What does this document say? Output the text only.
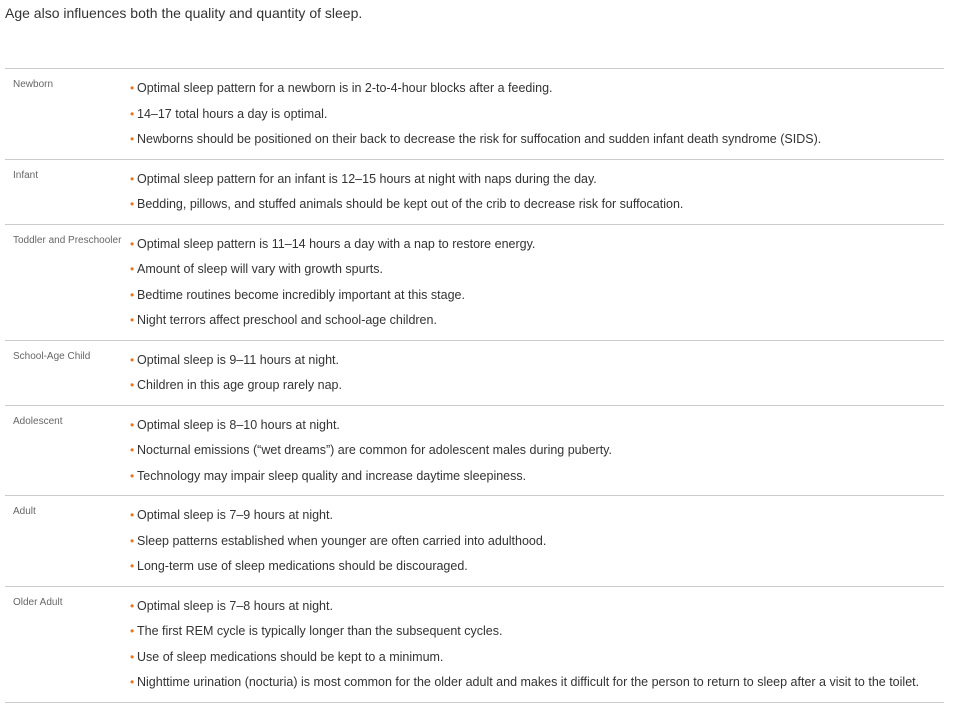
Age also influences both the quality and quantity of sleep.

Newborn	• Optimal sleep pattern for a newborn is in 2-to-4-hour blocks after a feeding.
• 14–17 total hours a day is optimal.
• Newborns should be positioned on their back to decrease the risk for suffocation and sudden infant death syndrome (SIDS).
Infant	• Optimal sleep pattern for an infant is 12–15 hours at night with naps during the day.
• Bedding, pillows, and stuffed animals should be kept out of the crib to decrease risk for suffocation.
Toddler and Preschooler • Optimal sleep pattern is 11–14 hours a day with a nap to restore energy.
• Amount of sleep will vary with growth spurts.
• Bedtime routines become incredibly important at this stage.
• Night terrors affect preschool and school-age children.
School-Age Child	• Optimal sleep is 9–11 hours at night.
• Children in this age group rarely nap.
Adolescent	• Optimal sleep is 8–10 hours at night.
• Nocturnal emissions (“wet dreams”) are common for adolescent males during puberty.
• Technology may impair sleep quality and increase daytime sleepiness.
Adult	• Optimal sleep is 7–9 hours at night.
• Sleep patterns established when younger are often carried into adulthood.
• Long-term use of sleep medications should be discouraged.
Older Adult	• Optimal sleep is 7–8 hours at night.
• The first REM cycle is typically longer than the subsequent cycles.
• Use of sleep medications should be kept to a minimum.
• Nighttime urination (nocturia) is most common for the older adult and makes it difficult for the person to return to sleep after a visit to the toilet.
